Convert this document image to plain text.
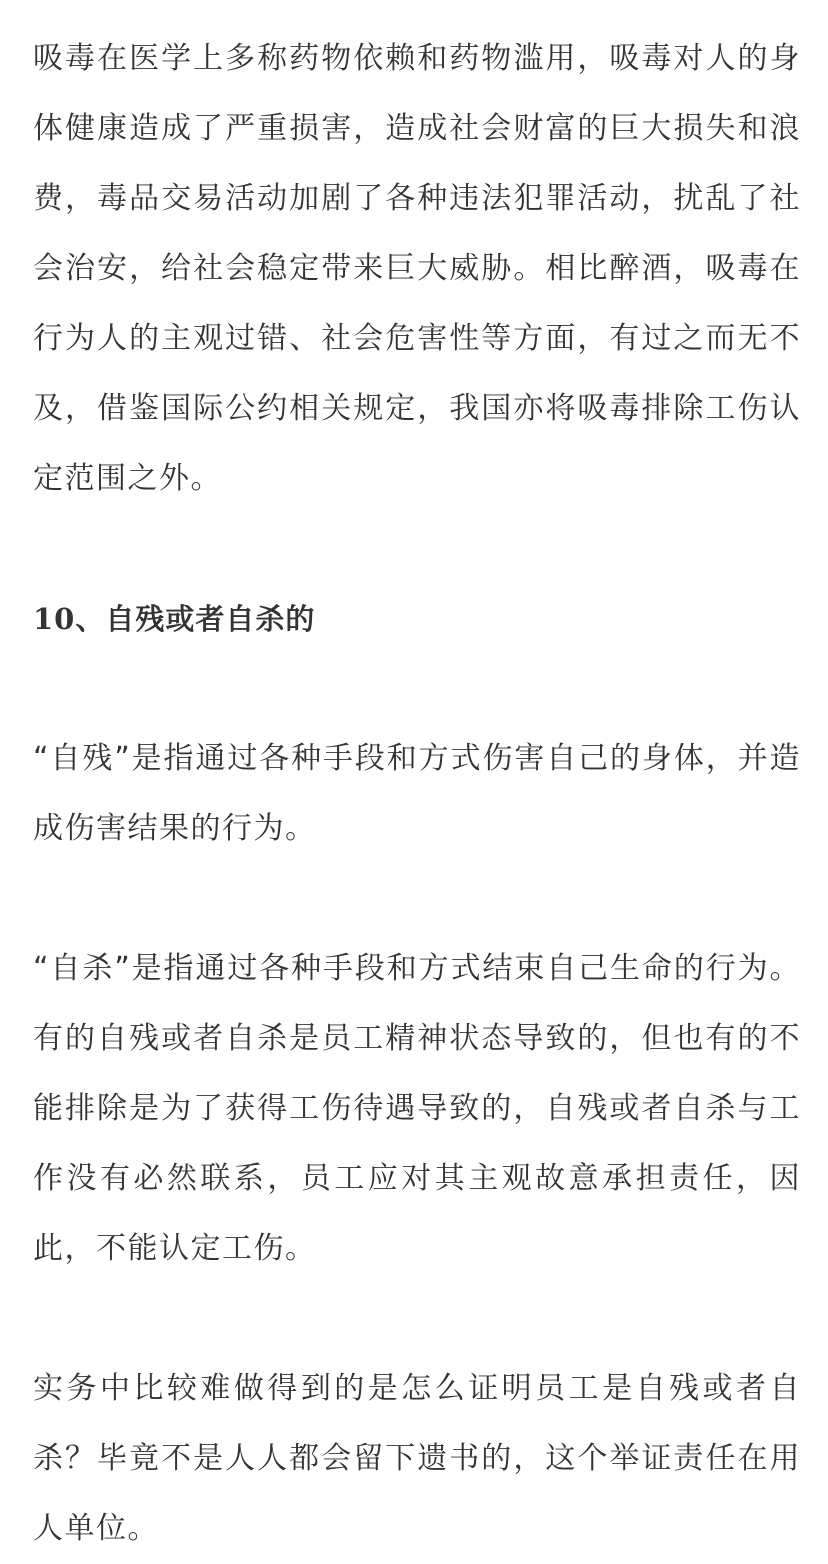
吸毒在医学上多称药物依赖和药物滥用，吸毒对人的身体健康造成了严重损害，造成社会财富的巨大损失和浪费，毒品交易活动加剧了各种违法犯罪活动，扰乱了社会治安，给社会稳定带来巨大威胁。相比醉酒，吸毒在行为人的主观过错、社会危害性等方面，有过之而无不及，借鉴国际公约相关规定，我国亦将吸毒排除工伤认定范围之外。

10、自残或者自杀的

“自残”是指通过各种手段和方式伤害自己的身体，并造成伤害结果的行为。

“自杀”是指通过各种手段和方式结束自己生命的行为。有的自残或者自杀是员工精神状态导致的，但也有的不能排除是为了获得工伤待遇导致的，自残或者自杀与工作没有必然联系，员工应对其主观故意承担责任，因此，不能认定工伤。

实务中比较难做得到的是怎么证明员工是自残或者自杀？毕竟不是人人都会留下遗书的，这个举证责任在用人单位。
